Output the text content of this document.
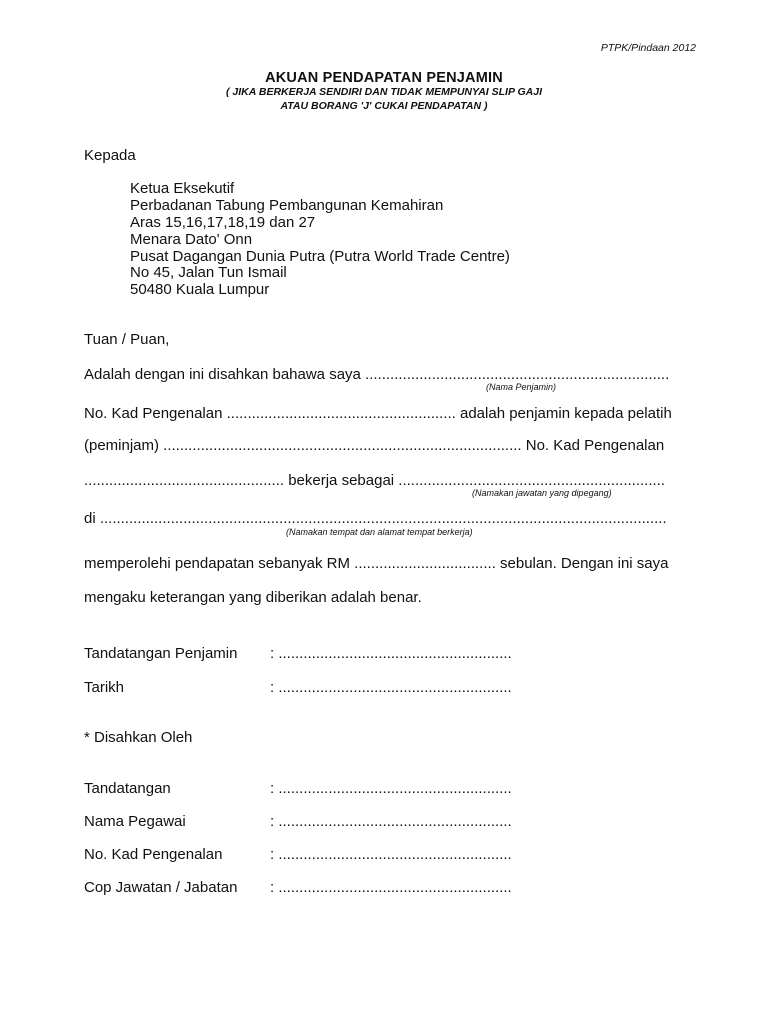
PTPK/Pindaan 2012
AKUAN PENDAPATAN PENJAMIN
( JIKA BERKERJA SENDIRI DAN TIDAK MEMPUNYAI SLIP GAJI
ATAU BORANG 'J' CUKAI PENDAPATAN )
Kepada
Ketua Eksekutif
Perbadanan Tabung Pembangunan Kemahiran
Aras 15,16,17,18,19 dan 27
Menara Dato' Onn
Pusat Dagangan Dunia Putra (Putra World Trade Centre)
No 45, Jalan Tun Ismail
50480 Kuala Lumpur
Tuan / Puan,
Adalah dengan ini disahkan bahawa saya .........................................................................
(Nama Penjamin)
No. Kad Pengenalan ....................................................... adalah penjamin kepada pelatih
(peminjam) ...................................................................................... No. Kad Pengenalan
................................................ bekerja sebagai ................................................................
(Namakan jawatan yang dipegang)
di ........................................................................................................................................
(Namakan tempat dan alamat tempat berkerja)
memperolehi pendapatan sebanyak RM .................................. sebulan. Dengan ini saya
mengaku keterangan yang diberikan adalah benar.
Tandatangan Penjamin : ........................................................
Tarikh	: ........................................................
* Disahkan Oleh
Tandatangan	: ........................................................
Nama Pegawai	: ........................................................
No. Kad Pengenalan	: ........................................................
Cop Jawatan / Jabatan : ........................................................
